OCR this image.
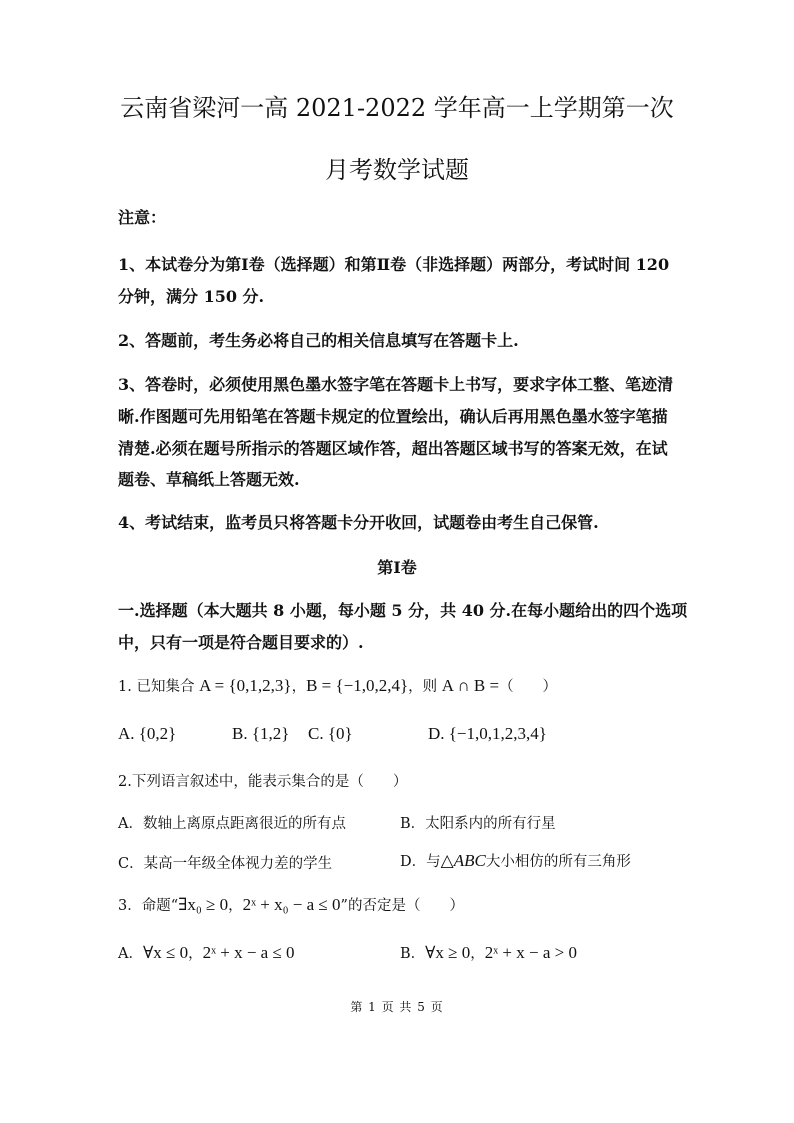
云南省梁河一高 2021-2022 学年高一上学期第一次
月考数学试题
注意：
1、本试卷分为第Ⅰ卷（选择题）和第Ⅱ卷（非选择题）两部分，考试时间 120
分钟，满分 150 分.
2、答题前，考生务必将自己的相关信息填写在答题卡上.
3、答卷时，必须使用黑色墨水签字笔在答题卡上书写，要求字体工整、笔迹清
晰.作图题可先用铅笔在答题卡规定的位置绘出，确认后再用黑色墨水签字笔描
清楚.必须在题号所指示的答题区域作答，超出答题区域书写的答案无效，在试
题卷、草稿纸上答题无效.
4、考试结束，监考员只将答题卡分开收回，试题卷由考生自己保管.
第Ⅰ卷
一.选择题（本大题共 8 小题，每小题 5 分，共 40 分.在每小题给出的四个选项
中，只有一项是符合题目要求的）.
1. 已知集合 A = {0,1,2,3}，B = {−1,0,2,4}，则 A ∩ B =（　　）
A. {0,2}	B. {1,2} C. {0}	D. {−1,0,1,2,3,4}
2.下列语言叙述中，能表示集合的是（　　）
A．数轴上离原点距离很近的所有点	B．太阳系内的所有行星
C．某高一年级全体视力差的学生	D．与△ABC大小相仿的所有三角形
3．命题“∃x₀ ≥ 0，2ˣ + x₀ − a ≤ 0”的否定是（　　）
A．∀x ≤ 0，2ˣ + x − a ≤ 0	B．∀x ≥ 0，2ˣ + x − a > 0
第 1 页 共 5 页
